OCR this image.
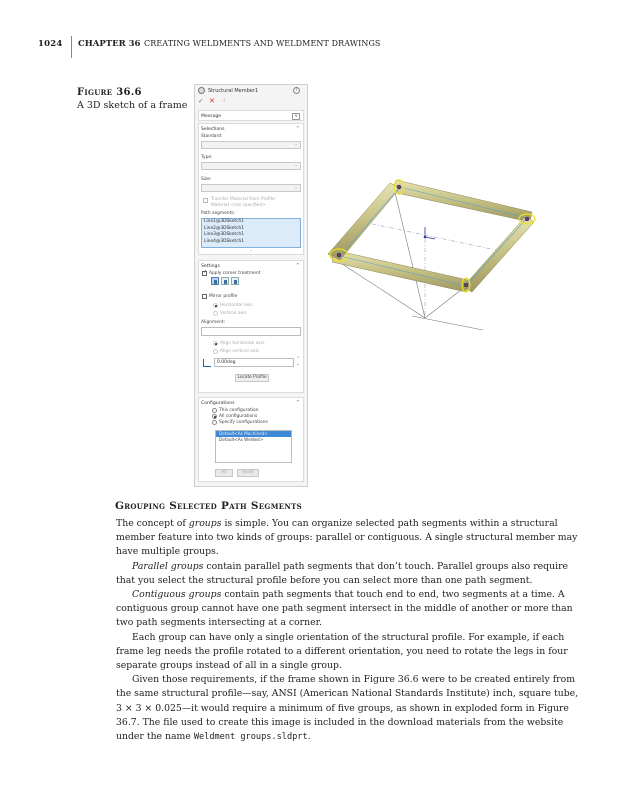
1024 CHAPTER 36 CREATING WELDMENTS AND WELDMENT DRAWINGS
Figure 36.6
A 3D sketch of a frame
Structural Member1	?
✓ ✕ ⊣
Message	∨
Selections	^
Standard:
⌄
Type:
⌄
Size:
⌄
Transfer Material from Profile:
Material <not specified>
Path segments:
Line1@3DSketch1
Line2@3DSketch1
Line3@3DSketch1
Line4@3DSketch1
⌄
Settings	^
✓ Apply corner treatment
Mirror profile
Horizontal axis
Vertical axis
Alignment:
Align horizontal axis
Align vertical axis
0.00deg
⌃
⌄
Locate Profile
Configurations	^
This configuration
All configurations
Specify configurations
Default<As Machined>
Default<As Welded>
All	Reset
Grouping Selected Path Segments

The concept of groups is simple. You can organize selected path segments within a structural member feature into two kinds of groups: parallel or contiguous. A single structural member may have multiple groups.

Parallel groups contain parallel path segments that don’t touch. Parallel groups also require that you select the structural profile before you can select more than one path segment.

Contiguous groups contain path segments that touch end to end, two segments at a time. A contiguous group cannot have one path segment intersect in the middle of another or more than two path segments intersecting at a corner.

Each group can have only a single orientation of the structural profile. For example, if each frame leg needs the profile rotated to a different orientation, you need to rotate the legs in four separate groups instead of all in a single group.

Given those requirements, if the frame shown in Figure 36.6 were to be created entirely from the same structural profile—say, ANSI (American National Standards Institute) inch, square tube, 3 × 3 × 0.025—it would require a minimum of five groups, as shown in exploded form in Figure 36.7. The file used to create this image is included in the download materials from the website under the name Weldment groups.sldprt.
